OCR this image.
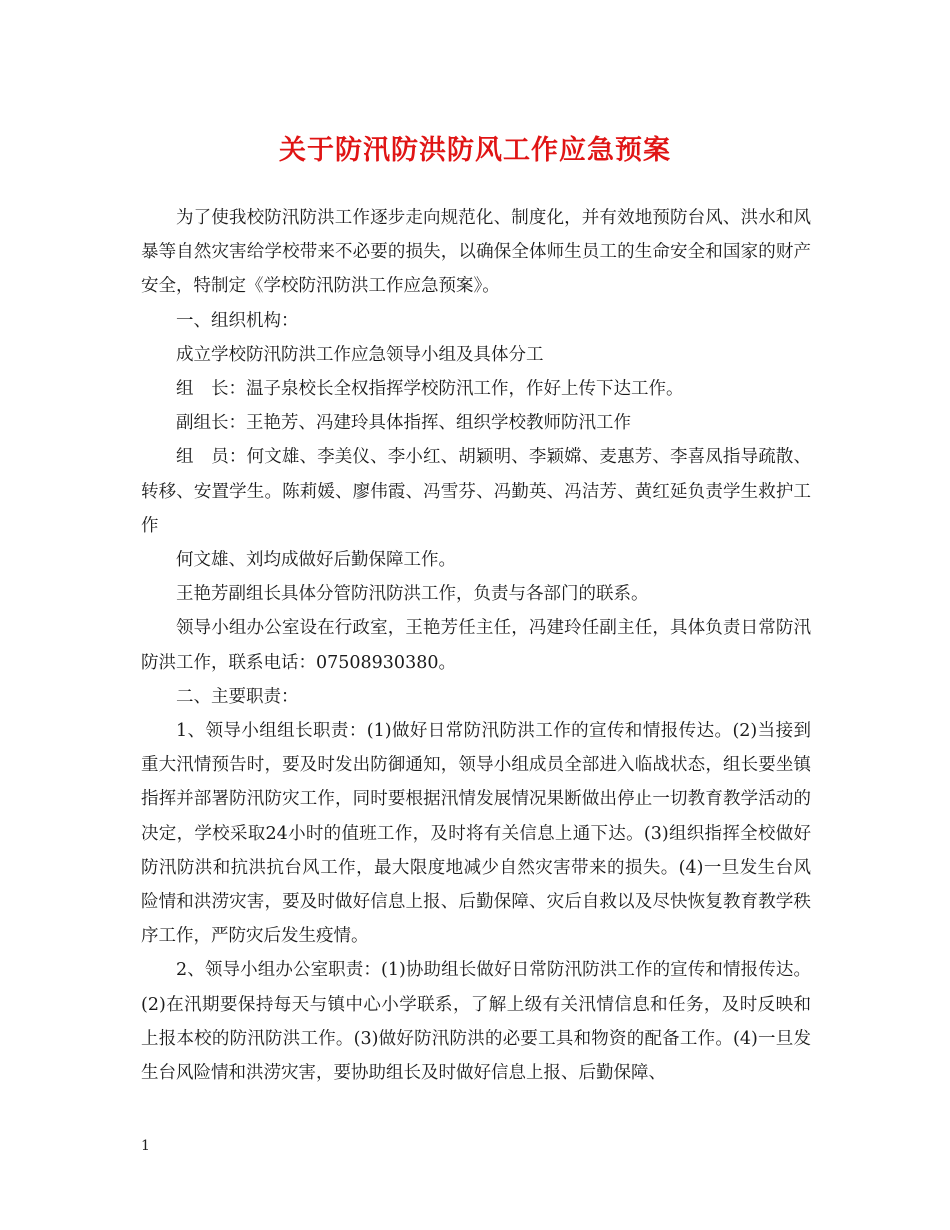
关于防汛防洪防风工作应急预案

为了使我校防汛防洪工作逐步走向规范化、制度化，并有效地预防台风、洪水和风暴等自然灾害给学校带来不必要的损失，以确保全体师生员工的生命安全和国家的财产安全，特制定《学校防汛防洪工作应急预案》。

一、组织机构：

成立学校防汛防洪工作应急领导小组及具体分工

组　长：温子泉校长全权指挥学校防汛工作，作好上传下达工作。

副组长：王艳芳、冯建玲具体指挥、组织学校教师防汛工作

组　员：何文雄、李美仪、李小红、胡颖明、李颖嫦、麦惠芳、李喜凤指导疏散、转移、安置学生。陈莉媛、廖伟霞、冯雪芬、冯勤英、冯洁芳、黄红延负责学生救护工作

何文雄、刘均成做好后勤保障工作。

王艳芳副组长具体分管防汛防洪工作，负责与各部门的联系。

领导小组办公室设在行政室，王艳芳任主任，冯建玲任副主任，具体负责日常防汛防洪工作，联系电话：07508930380。

二、主要职责：

1、领导小组组长职责：(1)做好日常防汛防洪工作的宣传和情报传达。(2)当接到重大汛情预告时，要及时发出防御通知，领导小组成员全部进入临战状态，组长要坐镇指挥并部署防汛防灾工作，同时要根据汛情发展情况果断做出停止一切教育教学活动的决定，学校采取24小时的值班工作，及时将有关信息上通下达。(3)组织指挥全校做好防汛防洪和抗洪抗台风工作，最大限度地减少自然灾害带来的损失。(4)一旦发生台风险情和洪涝灾害，要及时做好信息上报、后勤保障、灾后自救以及尽快恢复教育教学秩序工作，严防灾后发生疫情。

2、领导小组办公室职责：(1)协助组长做好日常防汛防洪工作的宣传和情报传达。(2)在汛期要保持每天与镇中心小学联系，了解上级有关汛情信息和任务，及时反映和上报本校的防汛防洪工作。(3)做好防汛防洪的必要工具和物资的配备工作。(4)一旦发生台风险情和洪涝灾害，要协助组长及时做好信息上报、后勤保障、

1
